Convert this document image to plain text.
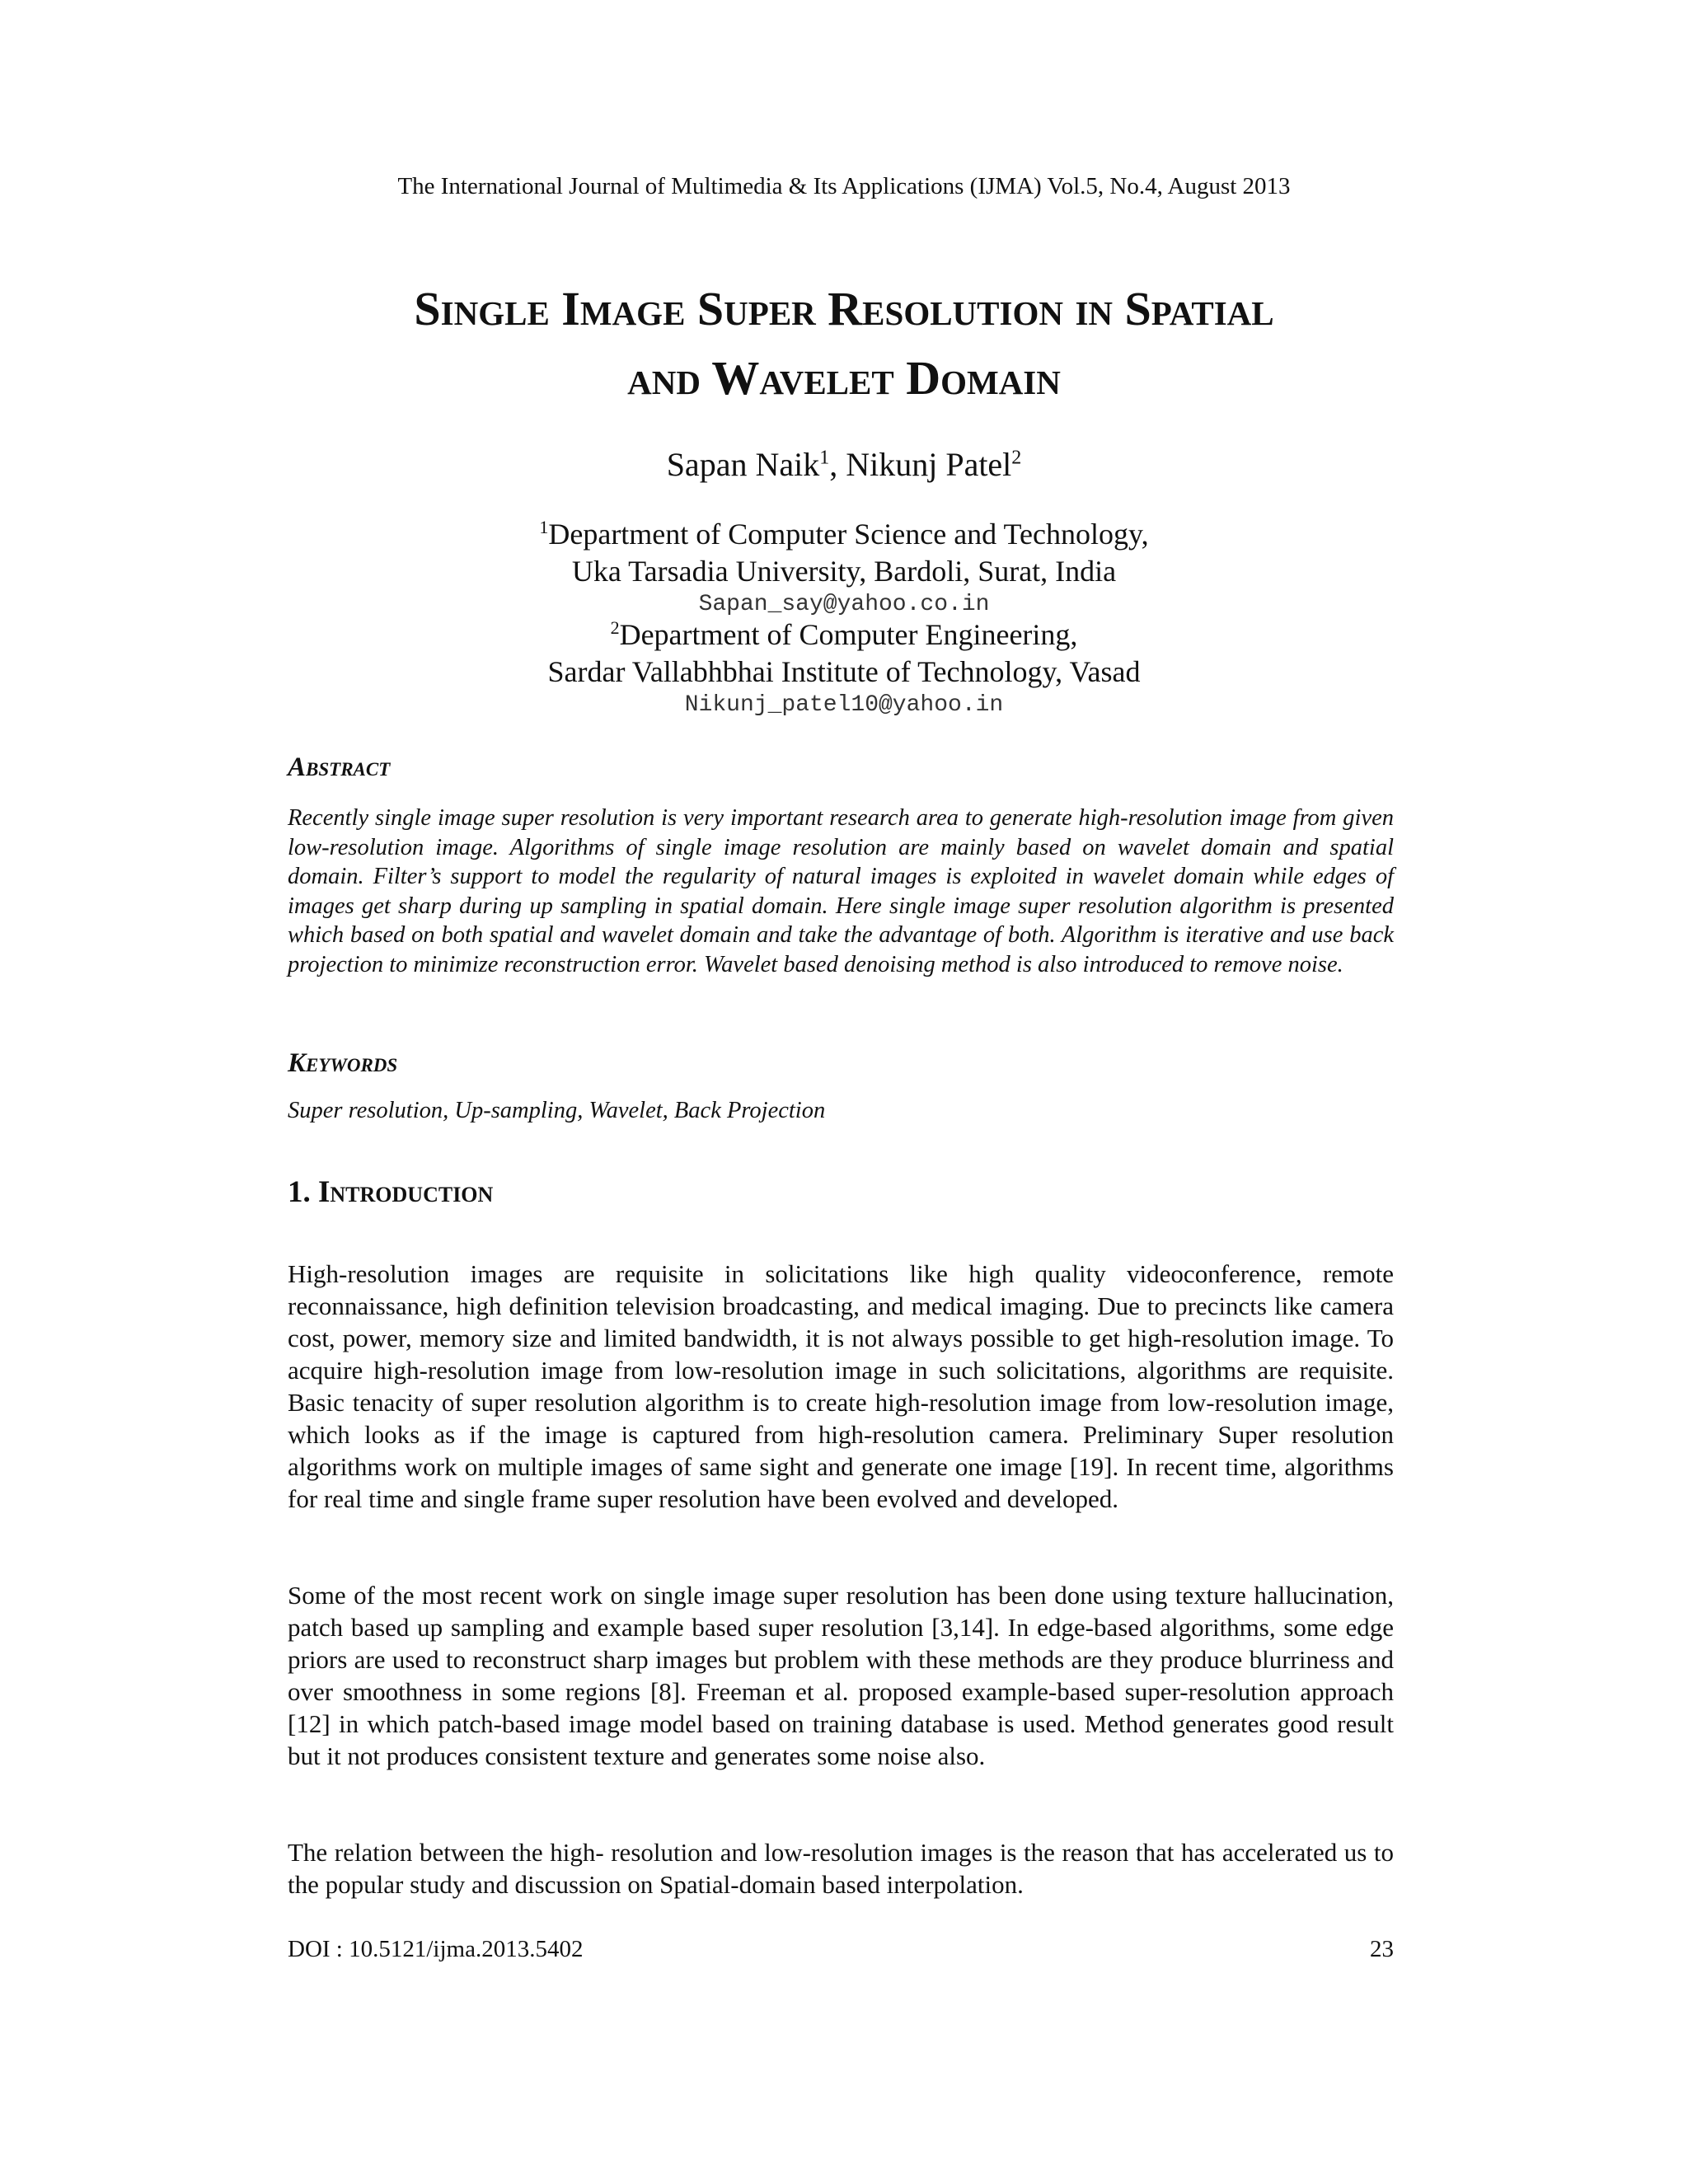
The International Journal of Multimedia & Its Applications (IJMA) Vol.5, No.4, August 2013
Single Image Super Resolution in Spatial
and Wavelet Domain
Sapan Naik$^1$, Nikunj Patel$^2$
$^1$Department of Computer Science and Technology,
Uka Tarsadia University, Bardoli, Surat, India
Sapan_say@yahoo.co.in
$^2$Department of Computer Engineering,
Sardar Vallabhbhai Institute of Technology, Vasad
Nikunj_patel10@yahoo.in
Abstract

Recently single image super resolution is very important research area to generate high-resolution image from given low-resolution image. Algorithms of single image resolution are mainly based on wavelet domain and spatial domain. Filter’s support to model the regularity of natural images is exploited in wavelet domain while edges of images get sharp during up sampling in spatial domain. Here single image super resolution algorithm is presented which based on both spatial and wavelet domain and take the advantage of both. Algorithm is iterative and use back projection to minimize reconstruction error. Wavelet based denoising method is also introduced to remove noise.

Keywords

Super resolution, Up-sampling, Wavelet, Back Projection

1. Introduction

High-resolution images are requisite in solicitations like high quality videoconference, remote reconnaissance, high definition television broadcasting, and medical imaging. Due to precincts like camera cost, power, memory size and limited bandwidth, it is not always possible to get high-resolution image. To acquire high-resolution image from low-resolution image in such solicitations, algorithms are requisite. Basic tenacity of super resolution algorithm is to create high-resolution image from low-resolution image, which looks as if the image is captured from high-resolution camera. Preliminary Super resolution algorithms work on multiple images of same sight and generate one image [19]. In recent time, algorithms for real time and single frame super resolution have been evolved and developed.

Some of the most recent work on single image super resolution has been done using texture hallucination, patch based up sampling and example based super resolution [3,14]. In edge-based algorithms, some edge priors are used to reconstruct sharp images but problem with these methods are they produce blurriness and over smoothness in some regions [8]. Freeman et al. proposed example-based super-resolution approach [12] in which patch-based image model based on training database is used. Method generates good result but it not produces consistent texture and generates some noise also.

The relation between the high- resolution and low-resolution images is the reason that has accelerated us to the popular study and discussion on Spatial-domain based interpolation.

DOI : 10.5121/ijma.2013.5402	23
